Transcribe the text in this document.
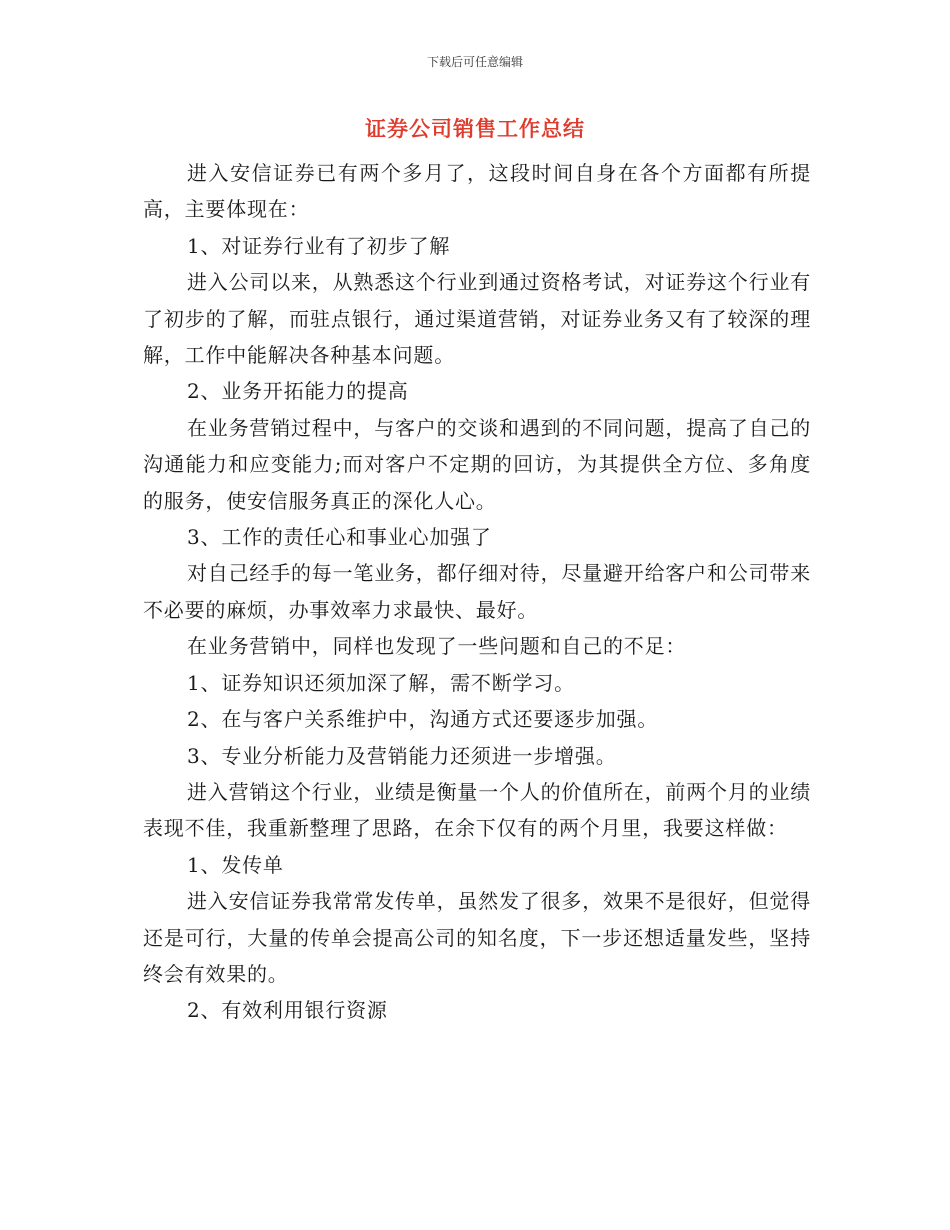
下载后可任意编辑
证券公司销售工作总结

进入安信证券已有两个多月了，这段时间自身在各个方面都有所提高，主要体现在：

1、对证券行业有了初步了解

进入公司以来，从熟悉这个行业到通过资格考试，对证券这个行业有了初步的了解，而驻点银行，通过渠道营销，对证券业务又有了较深的理解，工作中能解决各种基本问题。

2、业务开拓能力的提高

在业务营销过程中，与客户的交谈和遇到的不同问题，提高了自己的沟通能力和应变能力;而对客户不定期的回访，为其提供全方位、多角度的服务，使安信服务真正的深化人心。

3、工作的责任心和事业心加强了

对自己经手的每一笔业务，都仔细对待，尽量避开给客户和公司带来不必要的麻烦，办事效率力求最快、最好。

在业务营销中，同样也发现了一些问题和自己的不足：

1、证券知识还须加深了解，需不断学习。

2、在与客户关系维护中，沟通方式还要逐步加强。

3、专业分析能力及营销能力还须进一步增强。

进入营销这个行业，业绩是衡量一个人的价值所在，前两个月的业绩表现不佳，我重新整理了思路，在余下仅有的两个月里，我要这样做：

1、发传单

进入安信证券我常常发传单，虽然发了很多，效果不是很好，但觉得还是可行，大量的传单会提高公司的知名度，下一步还想适量发些，坚持终会有效果的。

2、有效利用银行资源
